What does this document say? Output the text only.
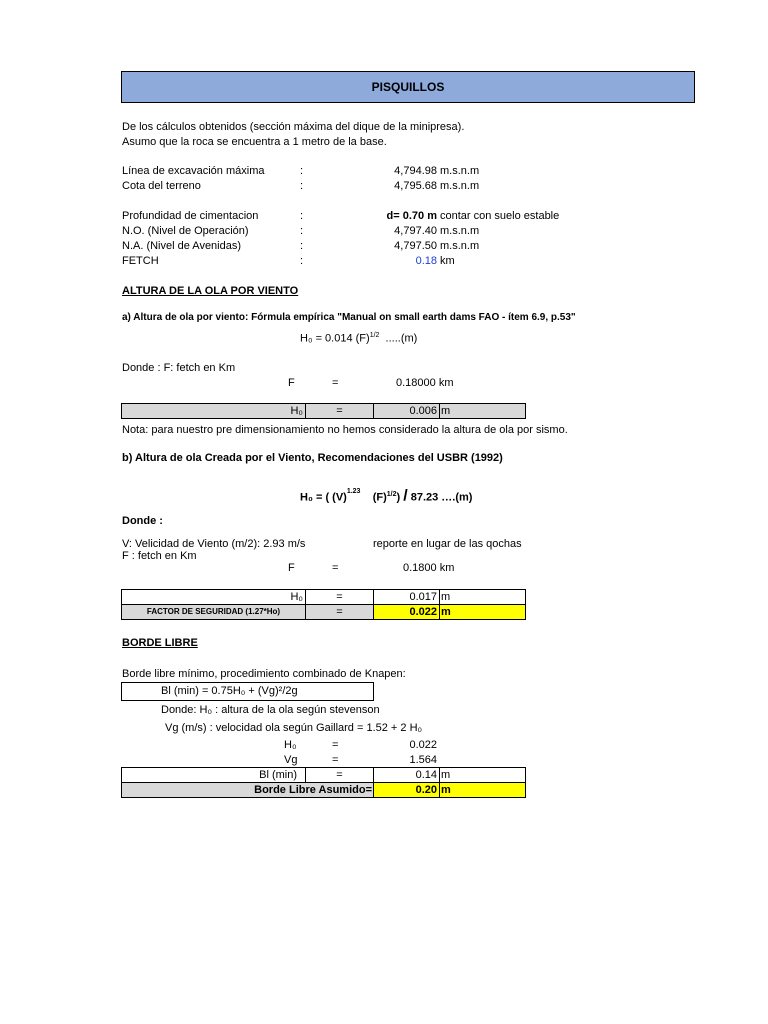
PISQUILLOS
De los cálculos obtenidos (sección máxima del dique de la minipresa).
Asumo que la roca se encuentra a 1 metro de la base.
Línea de excavación máxima	:	4,794.98 m.s.n.m
Cota del terreno	:	4,795.68 m.s.n.m
Profundidad de cimentacion	:	d= 0.70 m contar con suelo estable
N.O. (Nivel de Operación)	:	4,797.40 m.s.n.m
N.A. (Nivel de Avenidas)	:	4,797.50 m.s.n.m
FETCH	:	0.18 km
ALTURA DE LA OLA POR VIENTO
a) Altura de ola por viento: Fórmula empírica "Manual on small earth dams FAO - ítem 6.9, p.53"
H₀ = 0.014 $(F)^{1/2}$ .....(m)
Donde : F: fetch en Km
F	=	0.18000 km
H₀	=	0.006 m
Nota: para nuestro pre dimensionamiento no hemos considerado la altura de ola por sismo.
b) Altura de ola Creada por el Viento, Recomendaciones del USBR (1992)
H₀ = ( $(V)^{1.23}$    $(F)^{1/2}) / 87.23$ ….(m)
Donde :
V: Velicidad de Viento (m/2): 2.93 m/s	reporte en lugar de las qochas
F : fetch en Km
F	=	0.1800 km
H₀	=	0.017 m
FACTOR DE SEGURIDAD (1.27*Ho)	=	0.022 m
BORDE LIBRE
Borde libre mínimo, procedimiento combinado de Knapen:
Bl (min) = 0.75H₀ + (Vg)²/2g
Donde: H₀ : altura de la ola según stevenson
Vg (m/s) : velocidad ola según Gaillard = 1.52 + 2 H₀
H₀	=	0.022
Vg	=	1.564
Bl (min)	=	0.14 m
Borde Libre Asumido=	0.20 m
